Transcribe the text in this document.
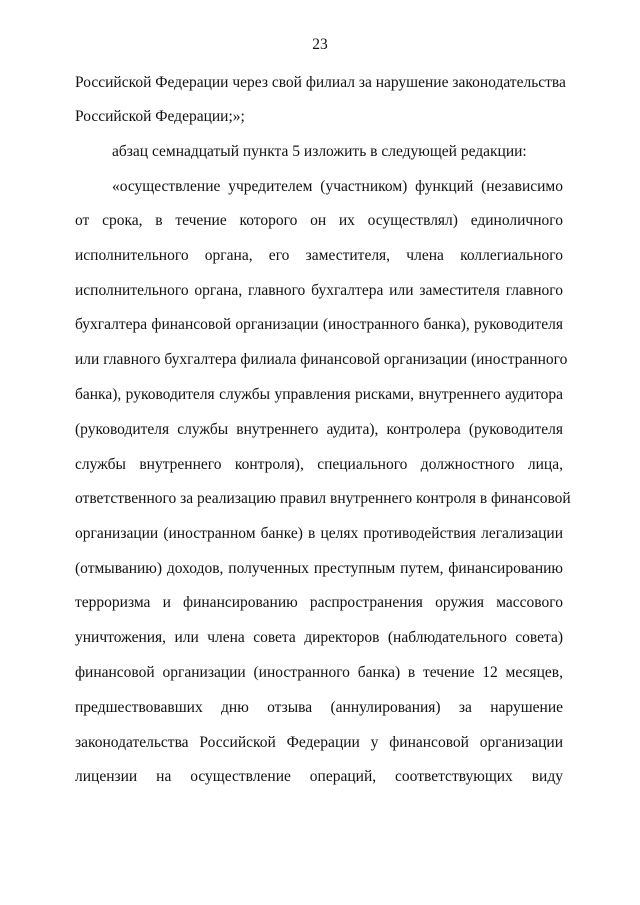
23
Российской Федерации через свой филиал за нарушение законодательства
Российской Федерации;»;
абзац семнадцатый пункта 5 изложить в следующей редакции:
«осуществление учредителем (участником) функций (независимо
от срока, в течение которого он их осуществлял) единоличного
исполнительного органа, его заместителя, члена коллегиального
исполнительного органа, главного бухгалтера или заместителя главного
бухгалтера финансовой организации (иностранного банка), руководителя
или главного бухгалтера филиала финансовой организации (иностранного
банка), руководителя службы управления рисками, внутреннего аудитора
(руководителя службы внутреннего аудита), контролера (руководителя
службы внутреннего контроля), специального должностного лица,
ответственного за реализацию правил внутреннего контроля в финансовой
организации (иностранном банке) в целях противодействия легализации
(отмыванию) доходов, полученных преступным путем, финансированию
терроризма и финансированию распространения оружия массового
уничтожения, или члена совета директоров (наблюдательного совета)
финансовой организации (иностранного банка) в течение 12 месяцев,
предшествовавших дню отзыва (аннулирования) за нарушение
законодательства Российской Федерации у финансовой организации
лицензии на осуществление операций, соответствующих виду
